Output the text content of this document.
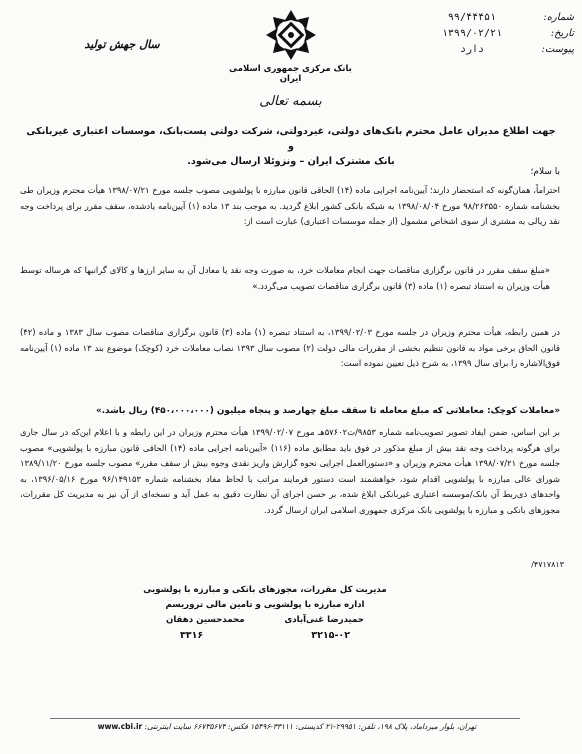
شماره:
۹۹/۴۴۴۵۱
تاریخ:
۱۳۹۹/۰۲/۲۱
پیوست:
دارد
بانک مرکزی جمهوری اسلامی ایران
بسمه تعالی
سال جهش تولید
جهت اطلاع مدیران عامل محترم بانک‌های دولتی، غیردولتی، شرکت دولتی پست‌بانک، موسسات اعتباری غیربانکی و
بانک مشترک ایران – ونزوئلا ارسال می‌شود.
با سلام؛
احتراماً، همان‌گونه که استحضار دارند؛ آیین‌نامه اجرایی ماده (۱۴) الحاقی قانون مبارزه با پولشویی مصوب جلسه مورخ ۱۳۹۸/۰۷/۲۱ هیأت محترم وزیران طی بخشنامه شماره ۹۸/۲۶۳۵۵۰ مورخ ۱۳۹۸/۰۸/۰۴ به شبکه بانکی کشور ابلاغ گردید. به موجب بند ۱۳ ماده (۱) آیین‌نامه یادشده، سقف مقرر برای پرداخت وجه نقد ریالی به مشتری از سوی اشخاص مشمول (از جمله موسسات اعتباری) عبارت است از:
«مبلغ سقف مقرر در قانون برگزاری مناقصات جهت انجام معاملات خرد، به صورت وجه نقد یا معادل آن به سایر ارزها و کالای گرانبها که هرساله توسط هیأت وزیران به استناد تبصره (۱) ماده (۳) قانون برگزاری مناقصات تصویب می‌گردد.»
در همین رابطه، هیأت محترم وزیران در جلسه مورخ ۱۳۹۹/۰۲/۰۳، به استناد تبصره (۱) ماده (۳) قانون برگزاری مناقصات مصوب سال ۱۳۸۳ و ماده (۴۲) قانون الحاق برخی مواد به قانون تنظیم بخشی از مقررات مالی دولت (۲) مصوب سال ۱۳۹۳ نصاب معاملات خرد (کوچک) موضوع بند ۱۳ ماده (۱) آیین‌نامه فوق‌الاشاره را برای سال ۱۳۹۹، به شرح ذیل تعیین نموده است:
«معاملات کوچک: معاملاتی که مبلغ معامله تا سقف مبلغ چهارصد و پنجاه میلیون (۴۵۰،۰۰۰،۰۰۰) ریال باشد.»
بر این اساس، ضمن ایفاد تصویر تصویب‌نامه شماره ۹۸۵۳/ت۵۷۶۰۲هـ مورخ ۱۳۹۹/۰۲/۰۷ هیأت محترم وزیران در این رابطه و با اعلام این‌که در سال جاری برای هرگونه پرداخت وجه نقد بیش از مبلغ مذکور در فوق باید مطابق ماده (۱۱۶) «آیین‌نامه اجرایی ماده (۱۴) الحاقی قانون مبارزه با پولشویی» مصوب جلسه مورخ ۱۳۹۸/۰۷/۲۱ هیأت محترم وزیران و «دستورالعمل اجرایی نحوه گزارش واریز نقدی وجوه بیش از سقف مقرر» مصوب جلسه مورخ ۱۳۸۹/۱۱/۲۰ شورای عالی مبارزه با پولشویی اقدام شود، خواهشمند است دستور فرمایند مراتب با لحاظ مفاد بخشنامه شماره ۹۶/۱۴۹۱۵۳ مورخ ۱۳۹۶/۰۵/۱۶، به واحدهای ذی‌ربط آن بانک/موسسه اعتباری غیربانکی ابلاغ شده، بر حسن اجرای آن نظارت دقیق به عمل آید و نسخه‌ای از آن نیز به مدیریت کل مقررات، مجوزهای بانکی و مبارزه با پولشویی بانک مرکزی جمهوری اسلامی ایران ارسال گردد.
۴۷۱۷۸۱۳/
مدیریت کل مقررات، مجوزهای بانکی و مبارزه با پولشویی
اداره مبارزه با پولشویی و تامین مالی تروریسم
حمیدرضا غنی‌آبادی
محمدحسین دهقان
۳۲۱۵-۰۲
۳۳۱۶
تهران، بلوار میرداماد، پلاک ۱۹۸، تلفن: ۲۹۹۵۱-۲۱ کدپستی: ۳۳۱۱۱-۱۵۴۹۶ فکس: ۶۶۷۳۵۶۷۴ سایت اینترنتی: www.cbi.ir
